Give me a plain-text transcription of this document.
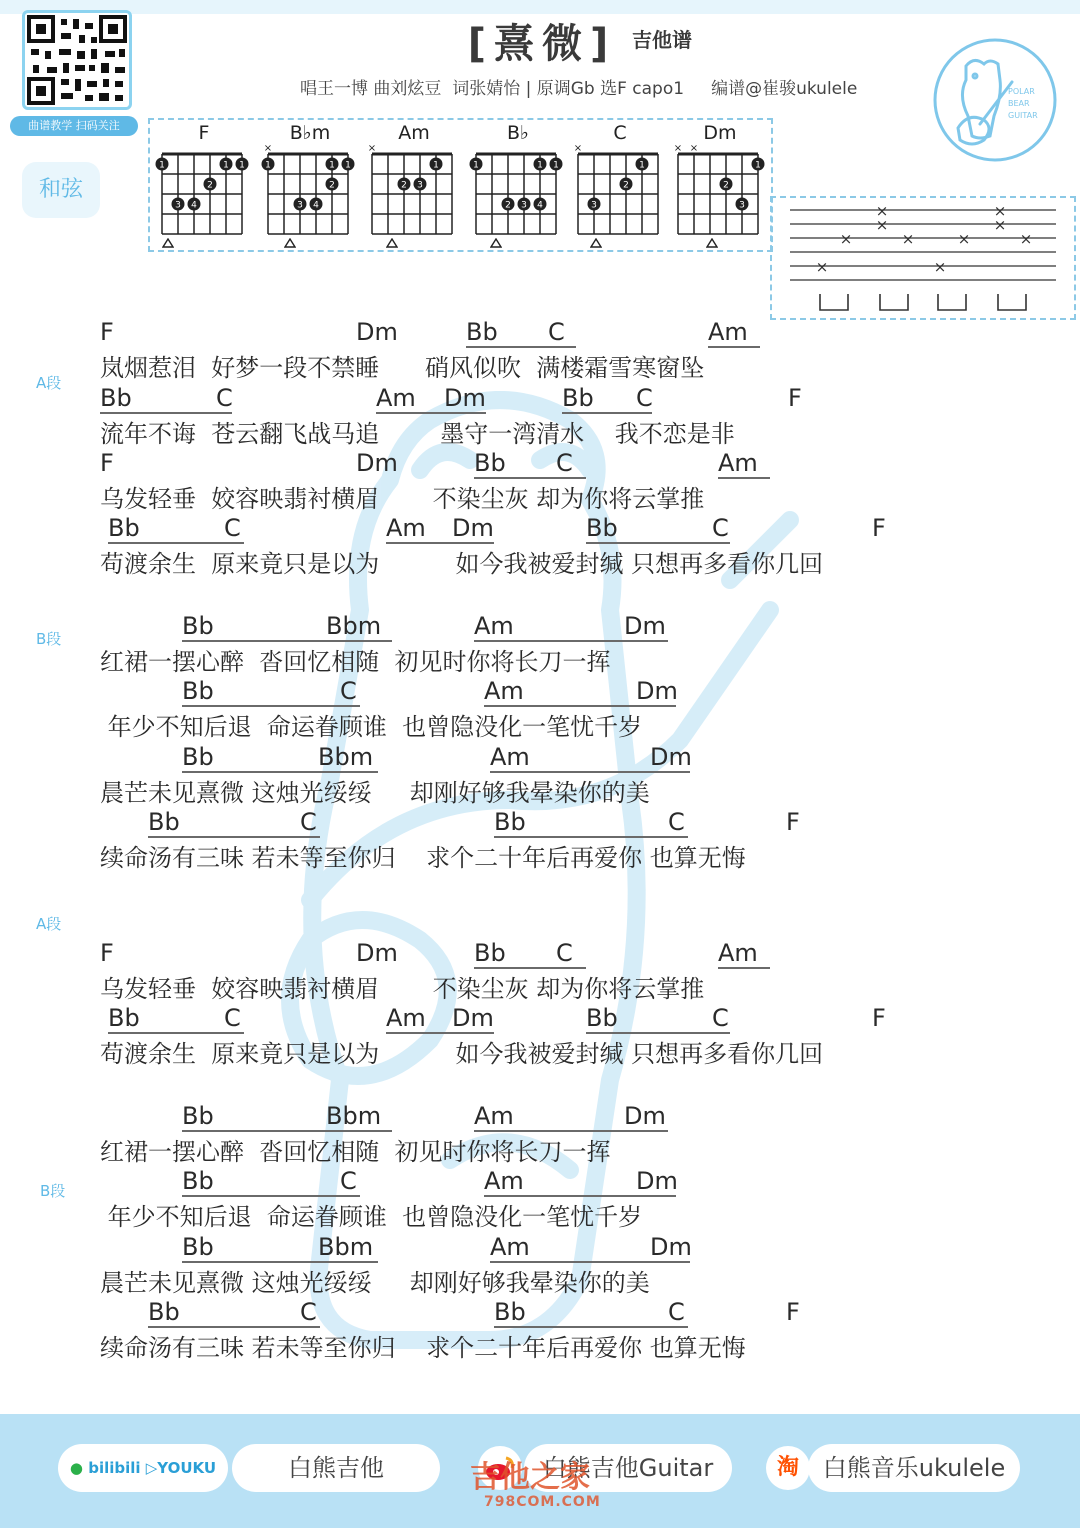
曲谱教学 扫码关注
[熹微] 吉他谱
唱王一博 曲刘炫豆  词张婧怡 | 原调Gb 选F capo1     编谱@崔骏ukulele	POLAR
BEAR
GUITAR
和弦
F
1	1 1
2
3 4
B♭m
1	1 1
2
3 4
×
Am
1
2 3
×
B♭
1	1 1
2 3 4
C
1
2
3
×
Dm
1
2
3
× ×
×
×
×
×
×
×
×
×
×
×
A段
B段
A段
B段
F	Dm	Bb C	Am
岚烟惹泪  好梦一段不禁睡      硝风似吹  满楼霜雪寒窗坠
Bb	C	Am Dm	Bb C	F
流年不诲  苍云翻飞战马追        墨守一湾清水    我不恋是非
F	Dm	Bb C	Am
乌发轻垂  姣容映翡衬横眉       不染尘灰 却为你将云掌推
Bb	C	Am Dm	Bb	C	F
苟渡余生  原来竟只是以为          如今我被爱封缄 只想再多看你几回
Bb	Bbm	Am	Dm
红裙一摆心醉  沓回忆相随  初见时你将长刀一挥
Bb	C	Am	Dm
年少不知后退  命运眷顾谁  也曾隐没化一笔忧千岁
Bb	Bbm	Am	Dm
晨芒未见熹微 这烛光绥绥     却刚好够我晕染你的美
Bb	C	Bb	C	F
续命汤有三味 若未等至你归    求个二十年后再爱你 也算无悔
F	Dm	Bb C	Am
乌发轻垂  姣容映翡衬横眉       不染尘灰 却为你将云掌推
Bb	C	Am Dm	Bb	C	F
苟渡余生  原来竟只是以为          如今我被爱封缄 只想再多看你几回
Bb	Bbm	Am	Dm
红裙一摆心醉  沓回忆相随  初见时你将长刀一挥
Bb	C	Am	Dm
年少不知后退  命运眷顾谁  也曾隐没化一笔忧千岁
Bb	Bbm	Am	Dm
晨芒未见熹微 这烛光绥绥     却刚好够我晕染你的美
Bb	C	Bb	C	F
续命汤有三味 若未等至你归    求个二十年后再爱你 也算无悔
● bilibili ▷YOUKU	白熊吉他	白熊吉他Guitar	淘 白熊音乐ukulele
吉他之家
798COM.COM
